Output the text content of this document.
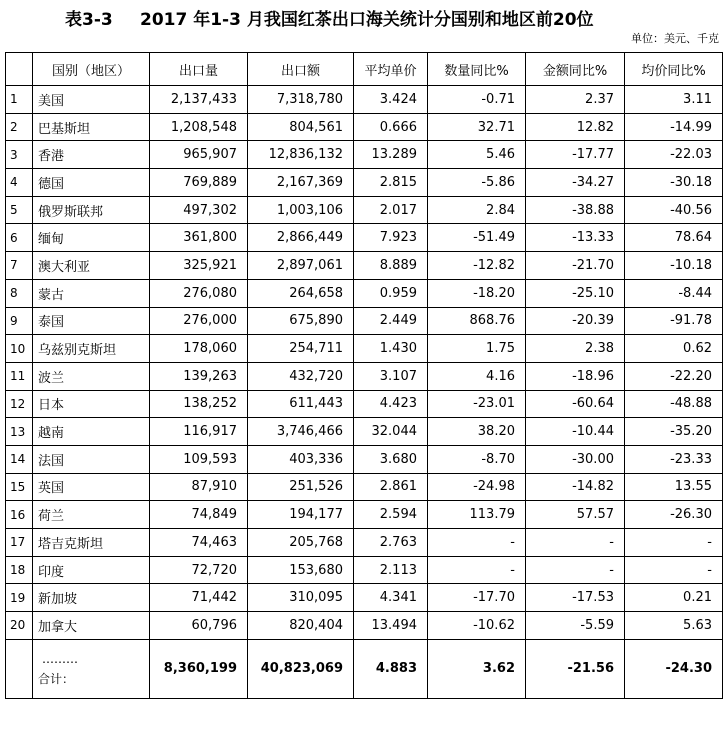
表3-3 2017 年1-3 月我国红茶出口海关统计分国别和地区前20位
单位：美元、千克
	国别（地区）	出口量	出口额	平均单价	数量同比%	金额同比%	均价同比%
1	美国	2,137,433	7,318,780	3.424	-0.71	2.37	3.11
2	巴基斯坦	1,208,548	804,561	0.666	32.71	12.82	-14.99
3	香港	965,907	12,836,132	13.289	5.46	-17.77	-22.03
4	德国	769,889	2,167,369	2.815	-5.86	-34.27	-30.18
5	俄罗斯联邦	497,302	1,003,106	2.017	2.84	-38.88	-40.56
6	缅甸	361,800	2,866,449	7.923	-51.49	-13.33	78.64
7	澳大利亚	325,921	2,897,061	8.889	-12.82	-21.70	-10.18
8	蒙古	276,080	264,658	0.959	-18.20	-25.10	-8.44
9	泰国	276,000	675,890	2.449	868.76	-20.39	-91.78
10	乌兹别克斯坦	178,060	254,711	1.430	1.75	2.38	0.62
11	波兰	139,263	432,720	3.107	4.16	-18.96	-22.20
12	日本	138,252	611,443	4.423	-23.01	-60.64	-48.88
13	越南	116,917	3,746,466	32.044	38.20	-10.44	-35.20
14	法国	109,593	403,336	3.680	-8.70	-30.00	-23.33
15	英国	87,910	251,526	2.861	-24.98	-14.82	13.55
16	荷兰	74,849	194,177	2.594	113.79	57.57	-26.30
17	塔吉克斯坦	74,463	205,768	2.763	-	-	-
18	印度	72,720	153,680	2.113	-	-	-
19	新加坡	71,442	310,095	4.341	-17.70	-17.53	0.21
20	加拿大	60,796	820,404	13.494	-10.62	-5.59	5.63

	………
合计：	8,360,199	40,823,069	4.883	3.62	-21.56	-24.30
